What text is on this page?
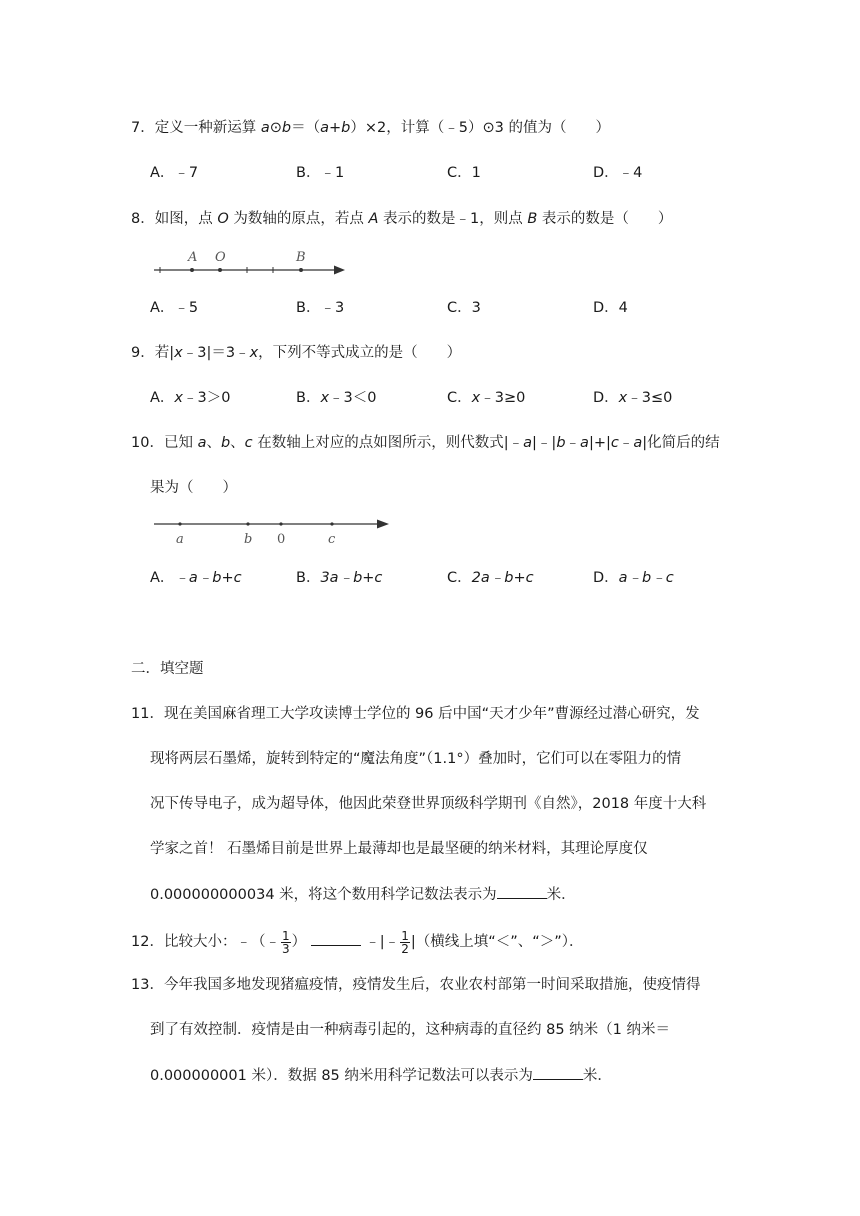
7．定义一种新运算 a⊙b＝（a+b）×2，计算（﹣5）⊙3 的值为（　　）
A．﹣7	B．﹣1	C．1	D．﹣4
8．如图，点 O 为数轴的原点，若点 A 表示的数是﹣1，则点 B 表示的数是（　　）
A O	B
A．﹣5	B．﹣3	C．3	D．4
9．若|x﹣3|＝3﹣x，下列不等式成立的是（　　）
A．x﹣3＞0	B．x﹣3＜0	C．x﹣3≥0	D．x﹣3≤0
10．已知 a、b、c 在数轴上对应的点如图所示，则代数式|﹣a|﹣|b﹣a|+|c﹣a|化简后的结
果为（　　）
a	b 0	c
A．﹣a﹣b+c	B．3a﹣b+c	C．2a﹣b+c	D．a﹣b﹣c
二．填空题
11．现在美国麻省理工大学攻读博士学位的 96 后中国“天才少年”曹源经过潜心研究，发
现将两层石墨烯，旋转到特定的“魔法角度”（1.1°）叠加时，它们可以在零阻力的情
况下传导电子，成为超导体，他因此荣登世界顶级科学期刊《自然》，2018 年度十大科
学家之首！ 石墨烯目前是世界上最薄却也是最坚硬的纳米材料，其理论厚度仅
0.000000000034 米，将这个数用科学记数法表示为	米．
12．比较大小：﹣（﹣ $\frac{1}{3}$ ）	﹣|﹣ $\frac{1}{2}$ |（横线上填“＜”、“＞”）．
13．今年我国多地发现猪瘟疫情，疫情发生后，农业农村部第一时间采取措施，使疫情得
到了有效控制．疫情是由一种病毒引起的，这种病毒的直径约 85 纳米（1 纳米＝
0.000000001 米）．数据 85 纳米用科学记数法可以表示为	米．
